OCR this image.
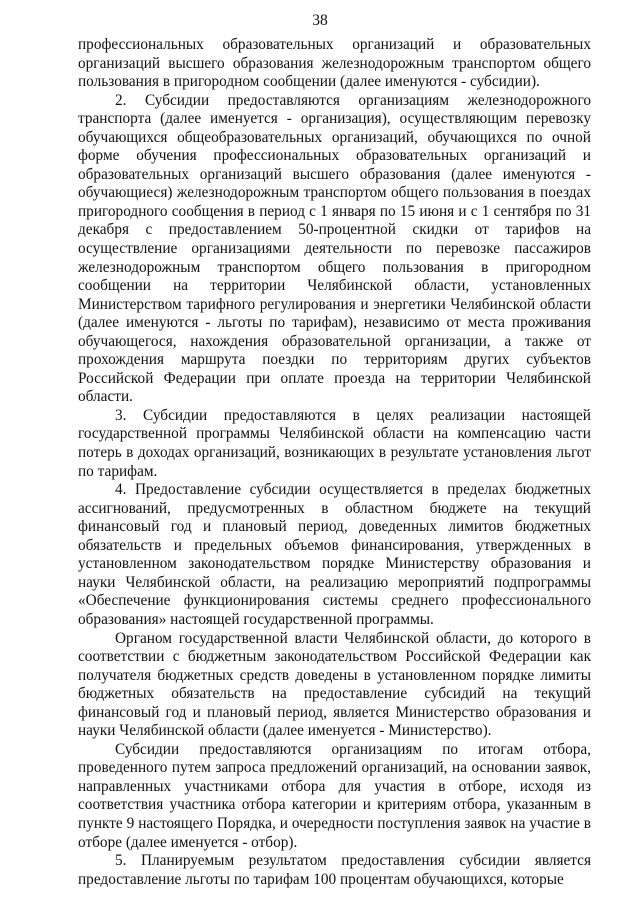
38

профессиональных образовательных организаций и образовательных организаций высшего образования железнодорожным транспортом общего пользования в пригородном сообщении (далее именуются - субсидии).

2. Субсидии предоставляются организациям железнодорожного транспорта (далее именуется - организация), осуществляющим перевозку обучающихся общеобразовательных организаций, обучающихся по очной форме обучения профессиональных образовательных организаций и образовательных организаций высшего образования (далее именуются - обучающиеся) железнодорожным транспортом общего пользования в поездах пригородного сообщения в период с 1 января по 15 июня и с 1 сентября по 31 декабря с предоставлением 50-процентной скидки от тарифов на осуществление организациями деятельности по перевозке пассажиров железнодорожным транспортом общего пользования в пригородном сообщении на территории Челябинской области, установленных Министерством тарифного регулирования и энергетики Челябинской области (далее именуются - льготы по тарифам), независимо от места проживания обучающегося, нахождения образовательной организации, а также от прохождения маршрута поездки по территориям других субъектов Российской Федерации при оплате проезда на территории Челябинской области.

3. Субсидии предоставляются в целях реализации настоящей государственной программы Челябинской области на компенсацию части потерь в доходах организаций, возникающих в результате установления льгот по тарифам.

4. Предоставление субсидии осуществляется в пределах бюджетных ассигнований, предусмотренных в областном бюджете на текущий финансовый год и плановый период, доведенных лимитов бюджетных обязательств и предельных объемов финансирования, утвержденных в установленном законодательством порядке Министерству образования и науки Челябинской области, на реализацию мероприятий подпрограммы «Обеспечение функционирования системы среднего профессионального образования» настоящей государственной программы.

Органом государственной власти Челябинской области, до которого в соответствии с бюджетным законодательством Российской Федерации как получателя бюджетных средств доведены в установленном порядке лимиты бюджетных обязательств на предоставление субсидий на текущий финансовый год и плановый период, является Министерство образования и науки Челябинской области (далее именуется - Министерство).

Субсидии предоставляются организациям по итогам отбора, проведенного путем запроса предложений организаций, на основании заявок, направленных участниками отбора для участия в отборе, исходя из соответствия участника отбора категории и критериям отбора, указанным в пункте 9 настоящего Порядка, и очередности поступления заявок на участие в отборе (далее именуется - отбор).

5. Планируемым результатом предоставления субсидии является предоставление льготы по тарифам 100 процентам обучающихся, которые
